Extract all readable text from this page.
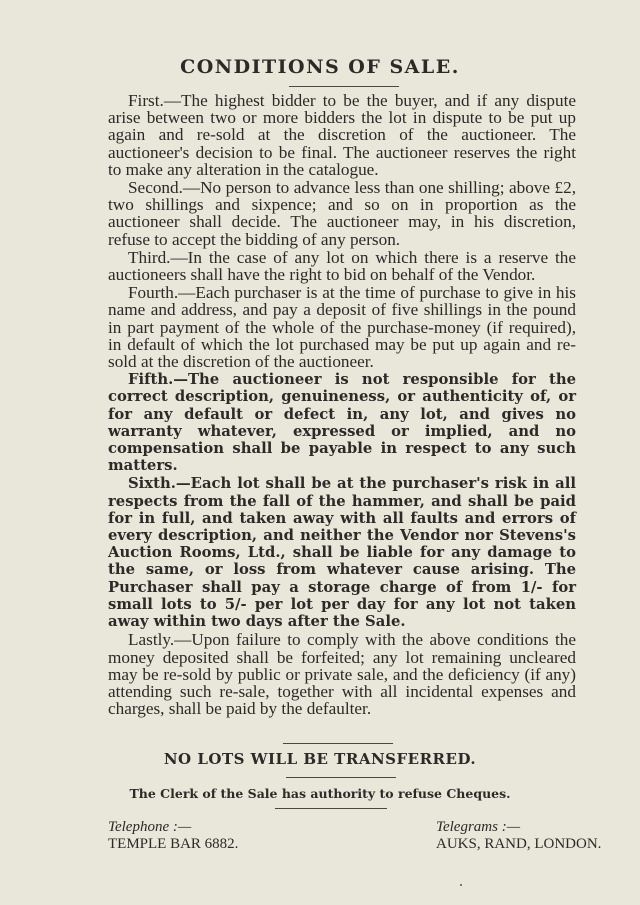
CONDITIONS OF SALE.

First.—The highest bidder to be the buyer, and if any dispute arise between two or more bidders the lot in dispute to be put up again and re-sold at the discretion of the auctioneer. The auctioneer's decision to be final. The auctioneer reserves the right to make any alteration in the catalogue.

Second.—No person to advance less than one shilling; above £2, two shillings and sixpence; and so on in proportion as the auctioneer shall decide. The auctioneer may, in his discretion, refuse to accept the bidding of any person.

Third.—In the case of any lot on which there is a reserve the auctioneers shall have the right to bid on behalf of the Vendor.

Fourth.—Each purchaser is at the time of purchase to give in his name and address, and pay a deposit of five shillings in the pound in part payment of the whole of the purchase-money (if required), in default of which the lot purchased may be put up again and re-sold at the discretion of the auctioneer.

Fifth.—The auctioneer is not responsible for the correct description, genuineness, or authenticity of, or for any default or defect in, any lot, and gives no warranty whatever, expressed or implied, and no compensation shall be payable in respect to any such matters.

Sixth.—Each lot shall be at the purchaser's risk in all respects from the fall of the hammer, and shall be paid for in full, and taken away with all faults and errors of every description, and neither the Vendor nor Stevens's Auction Rooms, Ltd., shall be liable for any damage to the same, or loss from whatever cause arising. The Purchaser shall pay a storage charge of from 1/- for small lots to 5/- per lot per day for any lot not taken away within two days after the Sale.

Lastly.—Upon failure to comply with the above conditions the money deposited shall be forfeited; any lot remaining uncleared may be re-sold by public or private sale, and the deficiency (if any) attending such re-sale, together with all incidental expenses and charges, shall be paid by the defaulter.

NO LOTS WILL BE TRANSFERRED.
The Clerk of the Sale has authority to refuse Cheques.
Telephone :—
TEMPLE BAR 6882.
Telegrams :—
AUKS, RAND, LONDON.
